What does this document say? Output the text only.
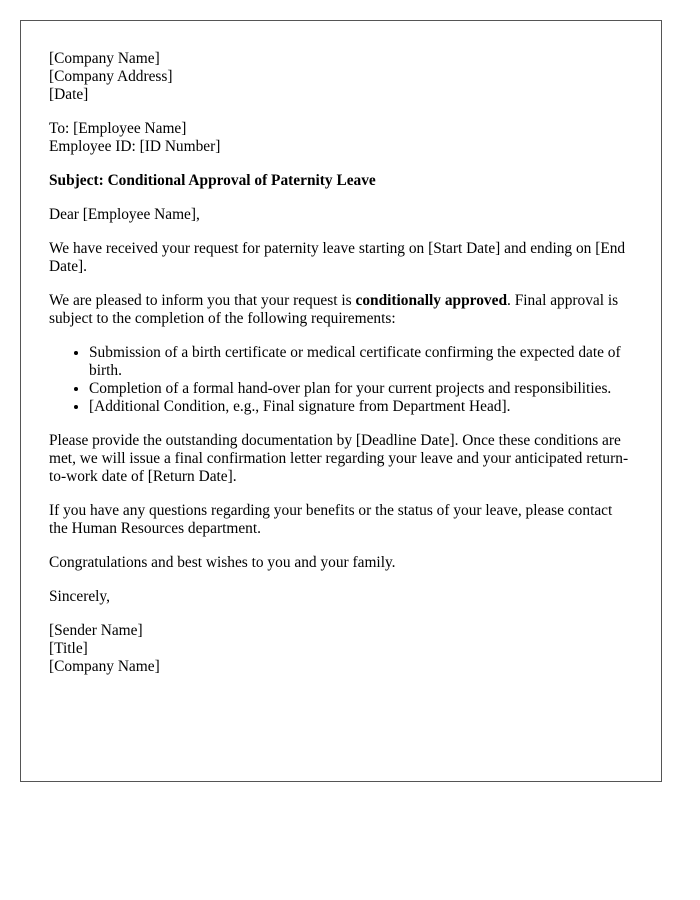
[Company Name]
[Company Address]
[Date]

To: [Employee Name]
Employee ID: [ID Number]

Subject: Conditional Approval of Paternity Leave

Dear [Employee Name],

We have received your request for paternity leave starting on [Start Date] and ending on [End Date].

We are pleased to inform you that your request is conditionally approved. Final approval is subject to the completion of the following requirements:

• Submission of a birth certificate or medical certificate confirming the expected date of birth.
• Completion of a formal hand-over plan for your current projects and responsibilities.
• [Additional Condition, e.g., Final signature from Department Head].

Please provide the outstanding documentation by [Deadline Date]. Once these conditions are met, we will issue a final confirmation letter regarding your leave and your anticipated return-to-work date of [Return Date].

If you have any questions regarding your benefits or the status of your leave, please contact the Human Resources department.

Congratulations and best wishes to you and your family.

Sincerely,

[Sender Name]
[Title]
[Company Name]
